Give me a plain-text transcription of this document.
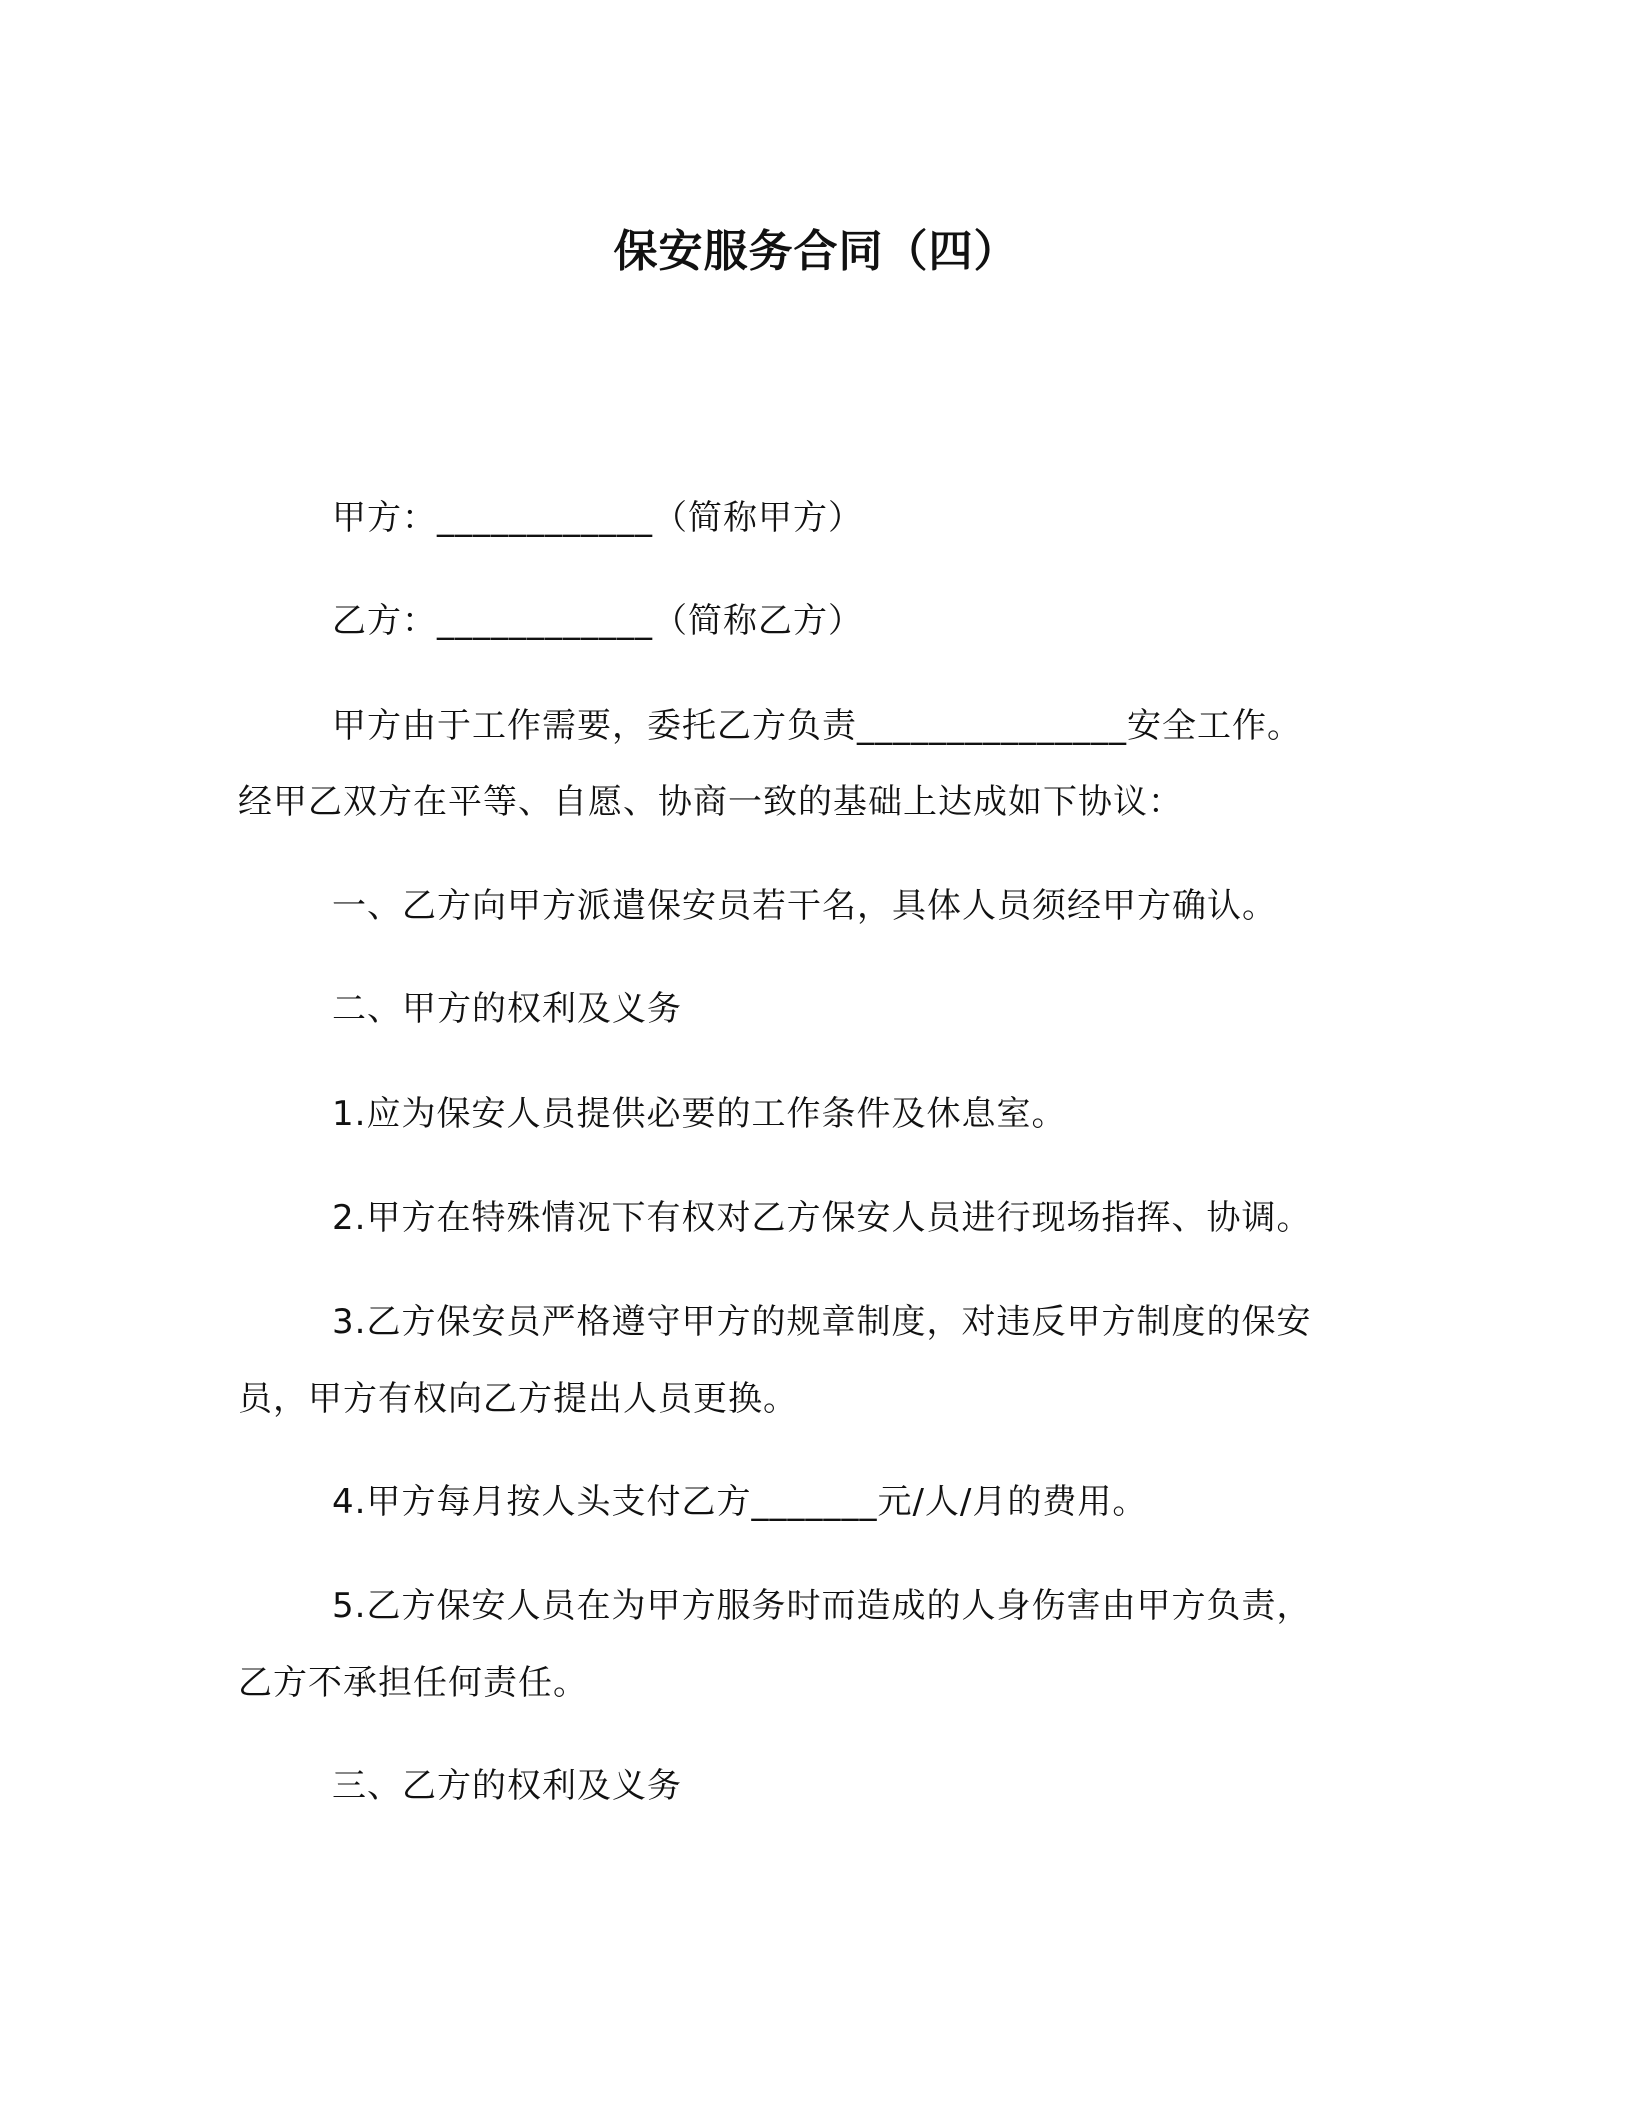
保安服务合同（四）
甲方：____________（简称甲方）
乙方：____________（简称乙方）
甲方由于工作需要，委托乙方负责_______________安全工作。
经甲乙双方在平等、自愿、协商一致的基础上达成如下协议：
一、乙方向甲方派遣保安员若干名，具体人员须经甲方确认。
二、甲方的权利及义务
1.应为保安人员提供必要的工作条件及休息室。
2.甲方在特殊情况下有权对乙方保安人员进行现场指挥、协调。
3.乙方保安员严格遵守甲方的规章制度，对违反甲方制度的保安
员，甲方有权向乙方提出人员更换。
4.甲方每月按人头支付乙方_______元/人/月的费用。
5.乙方保安人员在为甲方服务时而造成的人身伤害由甲方负责，
乙方不承担任何责任。
三、乙方的权利及义务
